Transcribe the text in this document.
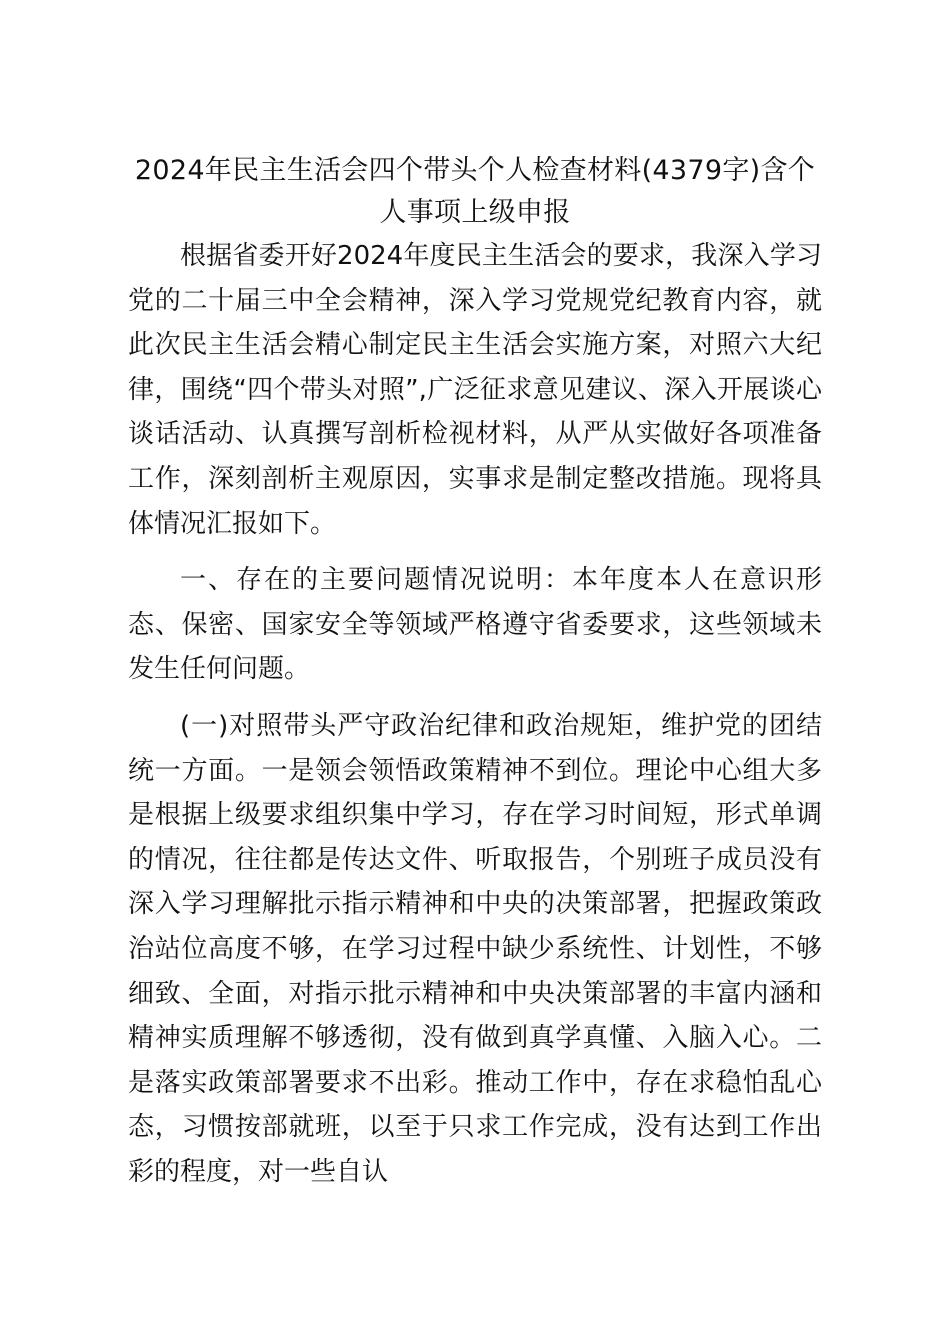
2024年民主生活会四个带头个人检查材料(4379字)含个人事项上级申报

根据省委开好2024年度民主生活会的要求，我深入学习党的二十届三中全会精神，深入学习党规党纪教育内容，就此次民主生活会精心制定民主生活会实施方案，对照六大纪律，围绕“四个带头对照”,广泛征求意见建议、深入开展谈心谈话活动、认真撰写剖析检视材料，从严从实做好各项准备工作，深刻剖析主观原因，实事求是制定整改措施。现将具体情况汇报如下。

一、存在的主要问题情况说明：本年度本人在意识形态、保密、国家安全等领域严格遵守省委要求，这些领域未发生任何问题。

(一)对照带头严守政治纪律和政治规矩，维护党的团结统一方面。一是领会领悟政策精神不到位。理论中心组大多是根据上级要求组织集中学习，存在学习时间短，形式单调的情况，往往都是传达文件、听取报告，个别班子成员没有深入学习理解批示指示精神和中央的决策部署，把握政策政治站位高度不够，在学习过程中缺少系统性、计划性，不够细致、全面，对指示批示精神和中央决策部署的丰富内涵和精神实质理解不够透彻，没有做到真学真懂、入脑入心。二是落实政策部署要求不出彩。推动工作中，存在求稳怕乱心态，习惯按部就班，以至于只求工作完成，没有达到工作出彩的程度，对一些自认
